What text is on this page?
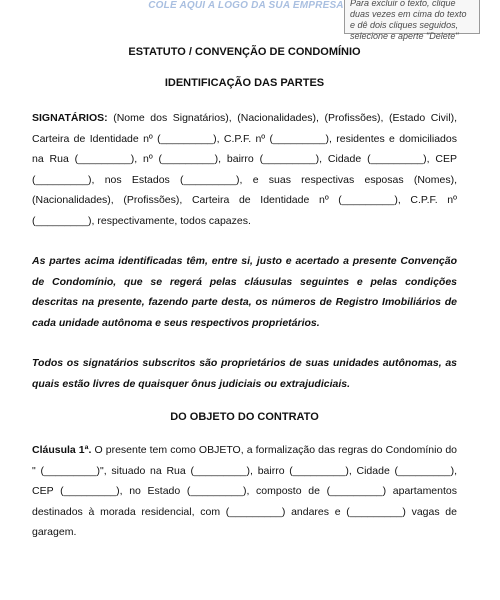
COLE AQUI A LOGO DA SUA EMPRESA Para excluir o texto, clique duas vezes em cima do texto e dê dois cliques seguidos, selecione e aperte "Delete"
ESTATUTO / CONVENÇÃO DE CONDOMÍNIO
IDENTIFICAÇÃO DAS PARTES

SIGNATÁRIOS: (Nome dos Signatários), (Nacionalidades), (Profissões), (Estado Civil), Carteira de Identidade nº (_________), C.P.F. nº (_________), residentes e domiciliados na Rua (_________), nº (_________), bairro (_________), Cidade (_________), CEP (_________), nos Estados (_________), e suas respectivas esposas (Nomes), (Nacionalidades), (Profissões), Carteira de Identidade nº (_________), C.P.F. nº (_________), respectivamente, todos capazes.

As partes acima identificadas têm, entre si, justo e acertado a presente Convenção de Condomínio, que se regerá pelas cláusulas seguintes e pelas condições descritas na presente, fazendo parte desta, os números de Registro Imobiliários de cada unidade autônoma e seus respectivos proprietários.

Todos os signatários subscritos são proprietários de suas unidades autônomas, as quais estão livres de quaisquer ônus judiciais ou extrajudiciais.

DO OBJETO DO CONTRATO

Cláusula 1ª. O presente tem como OBJETO, a formalização das regras do Condomínio do " (_________)", situado na Rua (_________), bairro (_________), Cidade (_________), CEP (_________), no Estado (_________), composto de (_________) apartamentos destinados à morada residencial, com (_________) andares e (_________) vagas de garagem.
